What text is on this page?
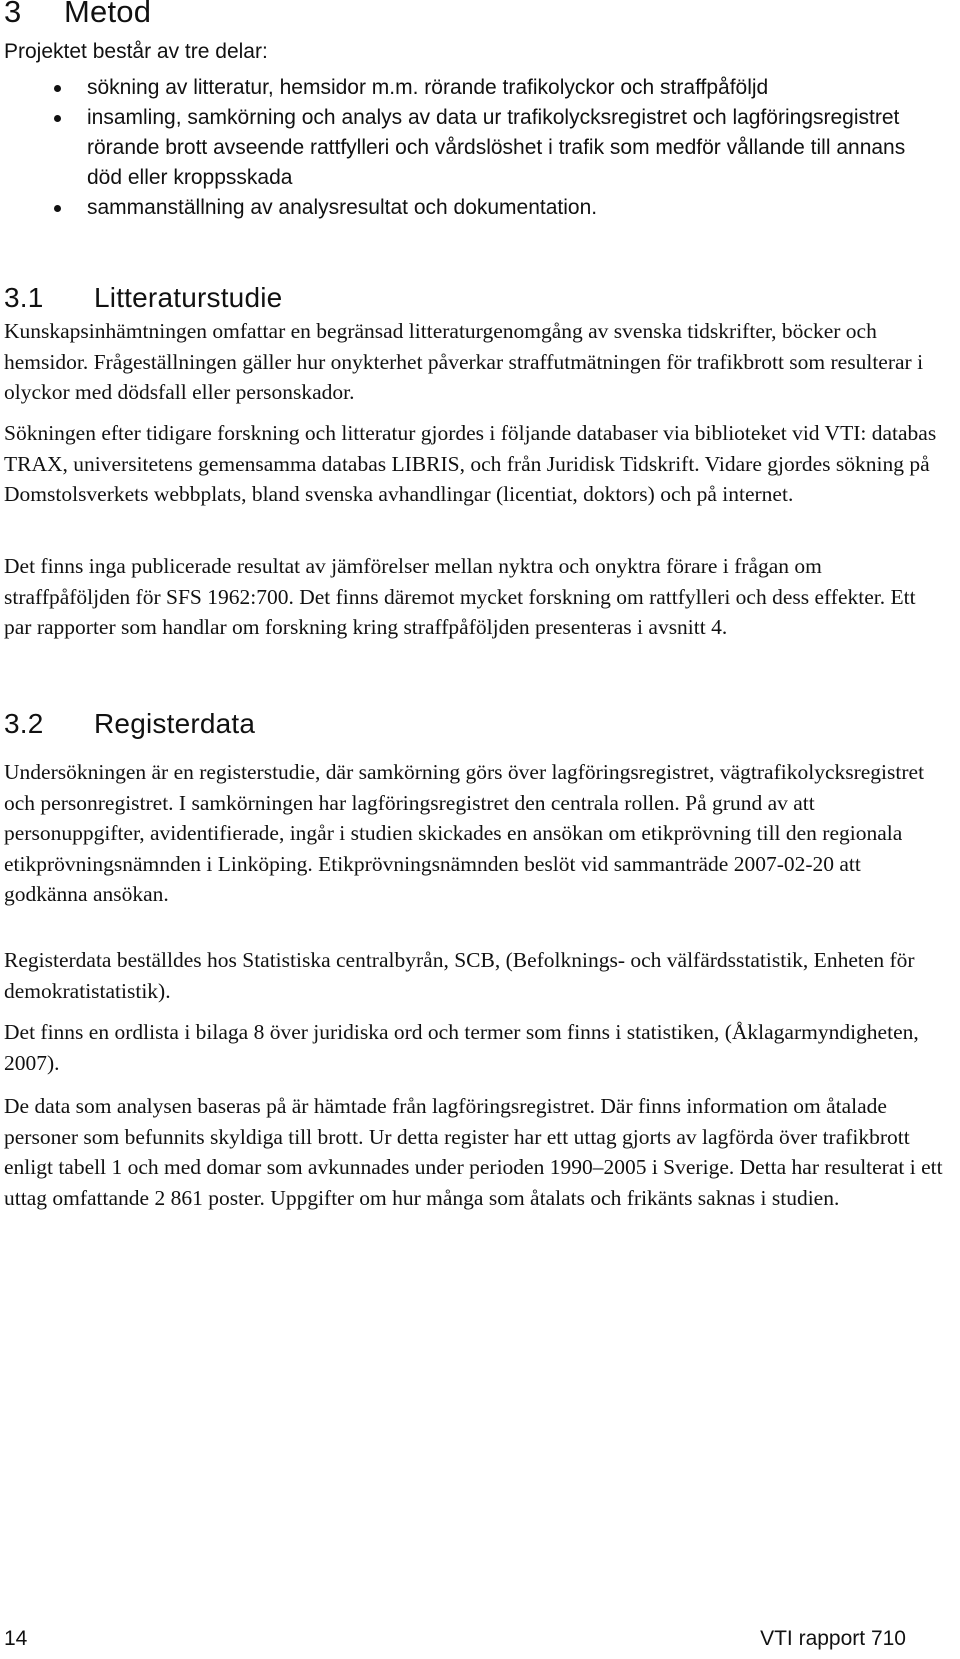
3 Metod

Projektet består av tre delar:

sökning av litteratur, hemsidor m.m. rörande trafikolyckor och straffpåföljd
insamling, samkörning och analys av data ur trafikolycksregistret och lagföringsregistret rörande brott avseende rattfylleri och vårdslöshet i trafik som medför vållande till annans död eller kroppsskada
sammanställning av analysresultat och dokumentation.
3.1 Litteraturstudie

Kunskapsinhämtningen omfattar en begränsad litteraturgenomgång av svenska tidskrifter, böcker och hemsidor. Frågeställningen gäller hur onykterhet påverkar straffutmätningen för trafikbrott som resulterar i olyckor med dödsfall eller personskador.

Sökningen efter tidigare forskning och litteratur gjordes i följande databaser via biblioteket vid VTI: databas TRAX, universitetens gemensamma databas LIBRIS, och från Juridisk Tidskrift. Vidare gjordes sökning på Domstolsverkets webbplats, bland svenska avhandlingar (licentiat, doktors) och på internet.

Det finns inga publicerade resultat av jämförelser mellan nyktra och onyktra förare i frågan om straffpåföljden för SFS 1962:700. Det finns däremot mycket forskning om rattfylleri och dess effekter. Ett par rapporter som handlar om forskning kring straffpåföljden presenteras i avsnitt 4.

3.2 Registerdata

Undersökningen är en registerstudie, där samkörning görs över lagföringsregistret, vägtrafikolycksregistret och personregistret. I samkörningen har lagföringsregistret den centrala rollen. På grund av att personuppgifter, avidentifierade, ingår i studien skickades en ansökan om etikprövning till den regionala etikprövningsnämnden i Linköping. Etikprövningsnämnden beslöt vid sammanträde 2007-02-20 att godkänna ansökan.

Registerdata beställdes hos Statistiska centralbyrån, SCB, (Befolknings- och välfärdsstatistik, Enheten för demokratistatistik).

Det finns en ordlista i bilaga 8 över juridiska ord och termer som finns i statistiken, (Åklagarmyndigheten, 2007).

De data som analysen baseras på är hämtade från lagföringsregistret. Där finns information om åtalade personer som befunnits skyldiga till brott. Ur detta register har ett uttag gjorts av lagförda över trafikbrott enligt tabell 1 och med domar som avkunnades under perioden 1990–2005 i Sverige. Detta har resulterat i ett uttag omfattande 2 861 poster. Uppgifter om hur många som åtalats och frikänts saknas i studien.

14	VTI rapport 710
